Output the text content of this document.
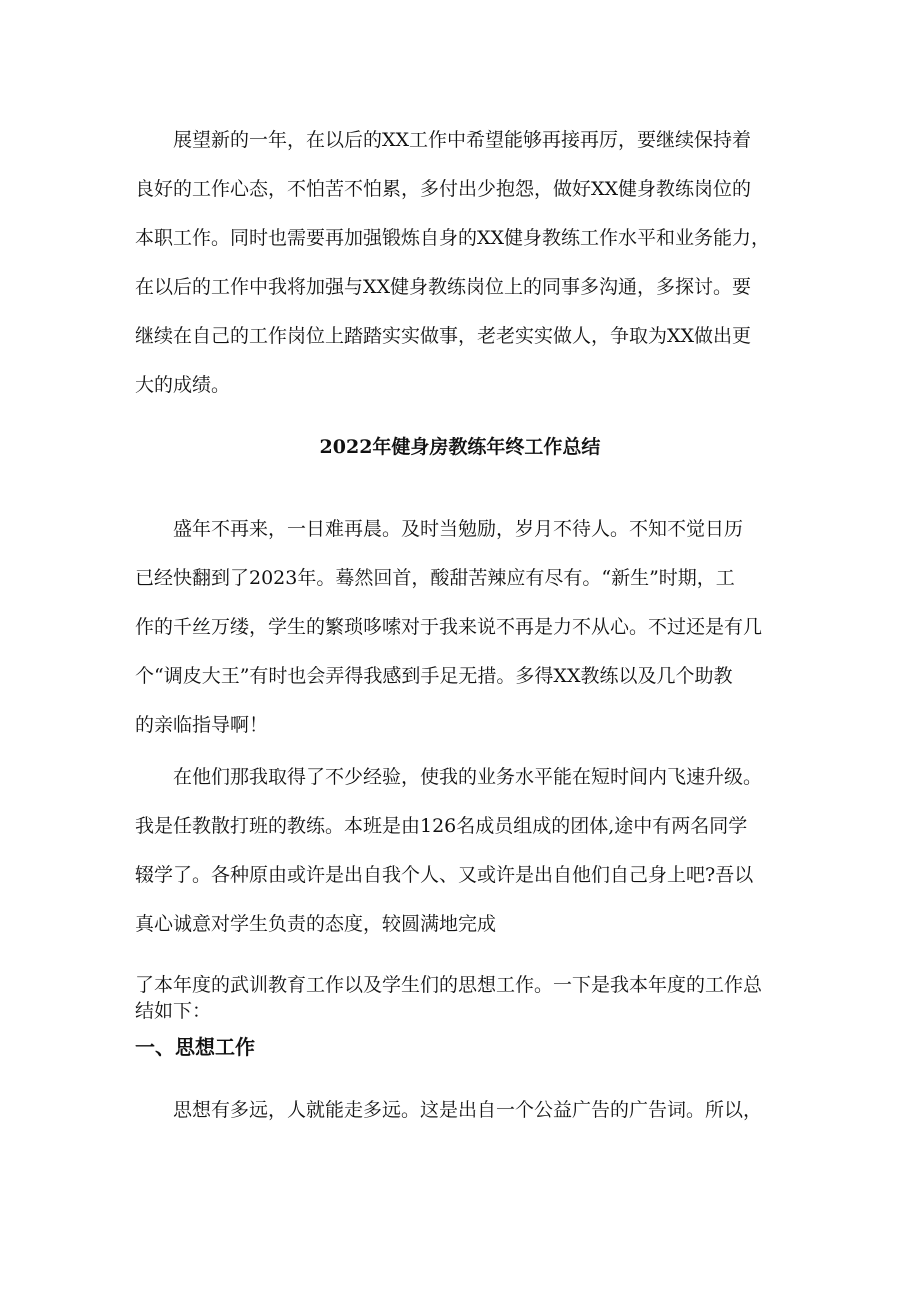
展望新的一年，在以后的XX工作中希望能够再接再厉，要继续保持着
良好的工作心态，不怕苦不怕累，多付出少抱怨，做好XX健身教练岗位的
本职工作。同时也需要再加强锻炼自身的XX健身教练工作水平和业务能力，
在以后的工作中我将加强与XX健身教练岗位上的同事多沟通，多探讨。要
继续在自己的工作岗位上踏踏实实做事，老老实实做人，争取为XX做出更
大的成绩。
2022年健身房教练年终工作总结
盛年不再来，一日难再晨。及时当勉励，岁月不待人。不知不觉日历
已经快翻到了2023年。蓦然回首，酸甜苦辣应有尽有。“新生”时期，工
作的千丝万缕，学生的繁琐哆嗦对于我来说不再是力不从心。不过还是有几
个“调皮大王”有时也会弄得我感到手足无措。多得XX教练以及几个助教
的亲临指导啊！
在他们那我取得了不少经验，使我的业务水平能在短时间内飞速升级。
我是任教散打班的教练。本班是由126名成员组成的团体,途中有两名同学
辍学了。各种原由或许是出自我个人、又或许是出自他们自己身上吧?吾以
真心诚意对学生负责的态度，较圆满地完成
了本年度的武训教育工作以及学生们的思想工作。一下是我本年度的工作总
结如下：
一、思想工作
思想有多远，人就能走多远。这是出自一个公益广告的广告词。所以，
